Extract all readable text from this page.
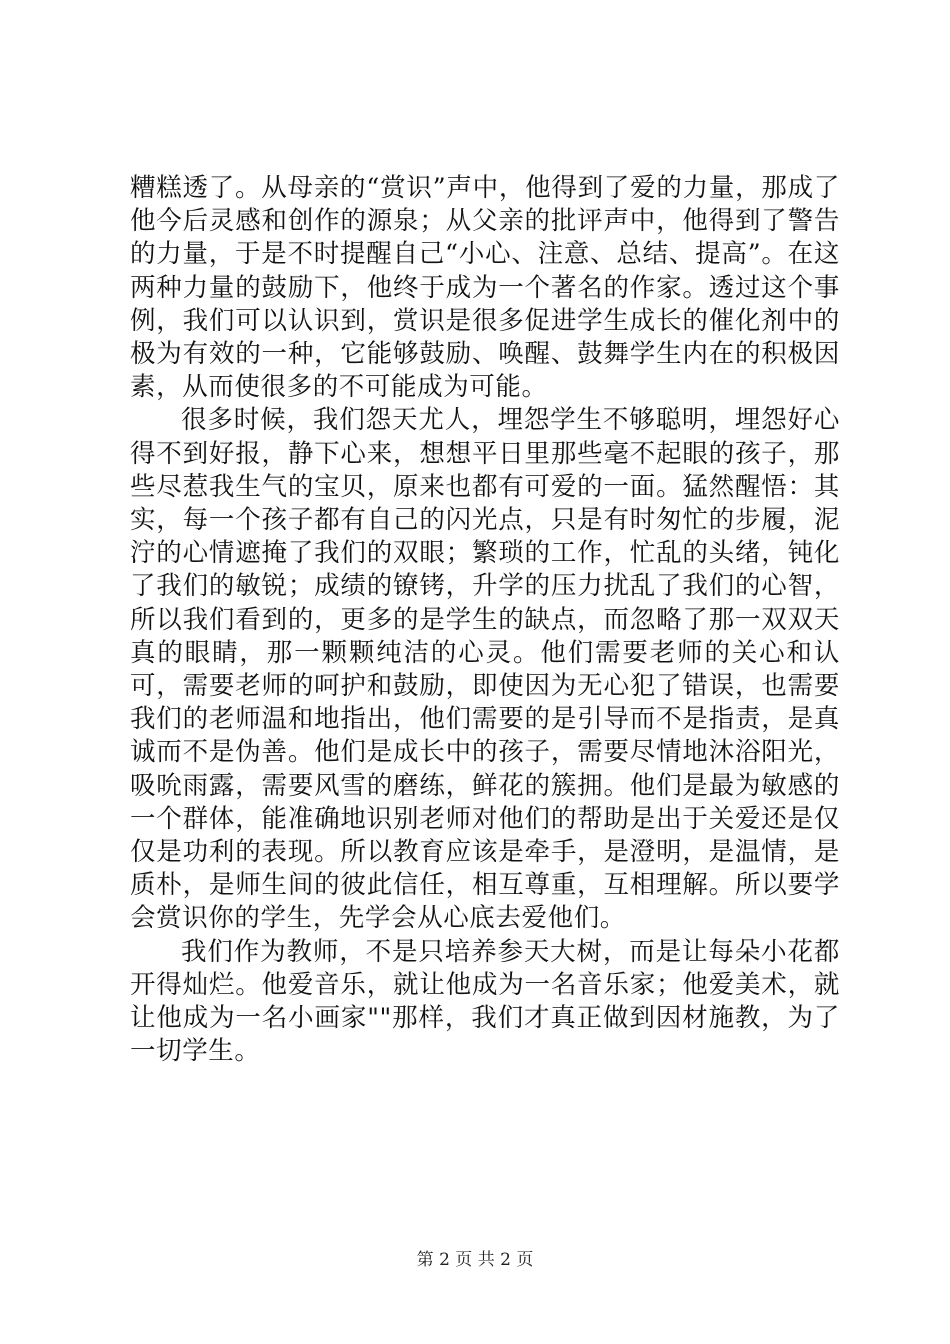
糟糕透了。从母亲的“赏识”声中，他得到了爱的力量，那成了他今后灵感和创作的源泉；从父亲的批评声中，他得到了警告的力量，于是不时提醒自己“小心、注意、总结、提高”。在这两种力量的鼓励下，他终于成为一个著名的作家。透过这个事例，我们可以认识到，赏识是很多促进学生成长的催化剂中的极为有效的一种，它能够鼓励、唤醒、鼓舞学生内在的积极因素，从而使很多的不可能成为可能。

很多时候，我们怨天尤人，埋怨学生不够聪明，埋怨好心得不到好报，静下心来，想想平日里那些毫不起眼的孩子，那些尽惹我生气的宝贝，原来也都有可爱的一面。猛然醒悟：其实，每一个孩子都有自己的闪光点，只是有时匆忙的步履，泥泞的心情遮掩了我们的双眼；繁琐的工作，忙乱的头绪，钝化了我们的敏锐；成绩的镣铐，升学的压力扰乱了我们的心智，所以我们看到的，更多的是学生的缺点，而忽略了那一双双天真的眼睛，那一颗颗纯洁的心灵。他们需要老师的关心和认可，需要老师的呵护和鼓励，即使因为无心犯了错误，也需要我们的老师温和地指出，他们需要的是引导而不是指责，是真诚而不是伪善。他们是成长中的孩子，需要尽情地沐浴阳光，吸吮雨露，需要风雪的磨练，鲜花的簇拥。他们是最为敏感的一个群体，能准确地识别老师对他们的帮助是出于关爱还是仅仅是功利的表现。所以教育应该是牵手，是澄明，是温情，是质朴，是师生间的彼此信任，相互尊重，互相理解。所以要学会赏识你的学生，先学会从心底去爱他们。

我们作为教师，不是只培养参天大树，而是让每朵小花都开得灿烂。他爱音乐，就让他成为一名音乐家；他爱美术，就让他成为一名小画家""那样，我们才真正做到因材施教，为了一切学生。

第 2 页 共 2 页
